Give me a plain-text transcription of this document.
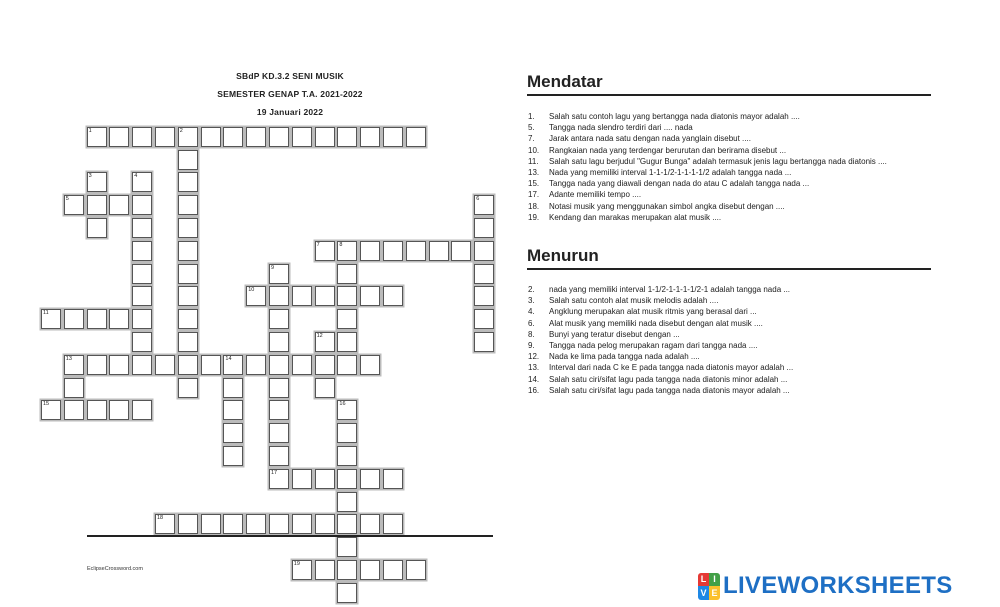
SBdP KD.3.2 SENI MUSIK
SEMESTER GENAP T.A. 2021-2022
19 Januari 2022
1	2
3	4
5	6
7	8
9
10
11
12
13	14
15	16
17
18
19
Mendatar
1.	Salah satu contoh lagu yang bertangga nada diatonis mayor adalah ....
5.	Tangga nada slendro terdiri dari .... nada
7.	Jarak antara nada satu dengan nada yanglain disebut ....
10.	Rangkaian nada yang terdengar berurutan dan berirama disebut ...
11.	Salah satu lagu berjudul "Gugur Bunga" adalah termasuk jenis lagu bertangga nada diatonis ....
13.	Nada yang memiliki interval 1-1-1/2-1-1-1-1/2 adalah tangga nada ...
15.	Tangga nada yang diawali dengan nada do atau C adalah tangga nada ...
17.	Adante memiliki tempo ....
18.	Notasi musik yang menggunakan simbol angka disebut dengan ....
19.	Kendang dan marakas merupakan alat musik ....
Menurun
2.	nada yang memiliki interval 1-1/2-1-1-1-1/2-1 adalah tangga nada ...
3.	Salah satu contoh alat musik melodis adalah ....
4.	Angklung merupakan alat musik ritmis yang berasal dari ...
6.	Alat musik yang memiliki nada disebut dengan alat musik ....
8.	Bunyi yang teratur disebut dengan ...
9.	Tangga nada pelog merupakan ragam dari tangga nada ....
12.	Nada ke lima pada tangga nada adalah ....
13.	Interval dari nada C ke E pada tangga nada diatonis mayor adalah ...
14.	Salah satu ciri/sifat lagu pada tangga nada diatonis minor adalah ...
16.	Salah satu ciri/sifat lagu pada tangga nada diatonis mayor adalah ...
EclipseCrossword.com
L I
V E LIVEWORKSHEETS
